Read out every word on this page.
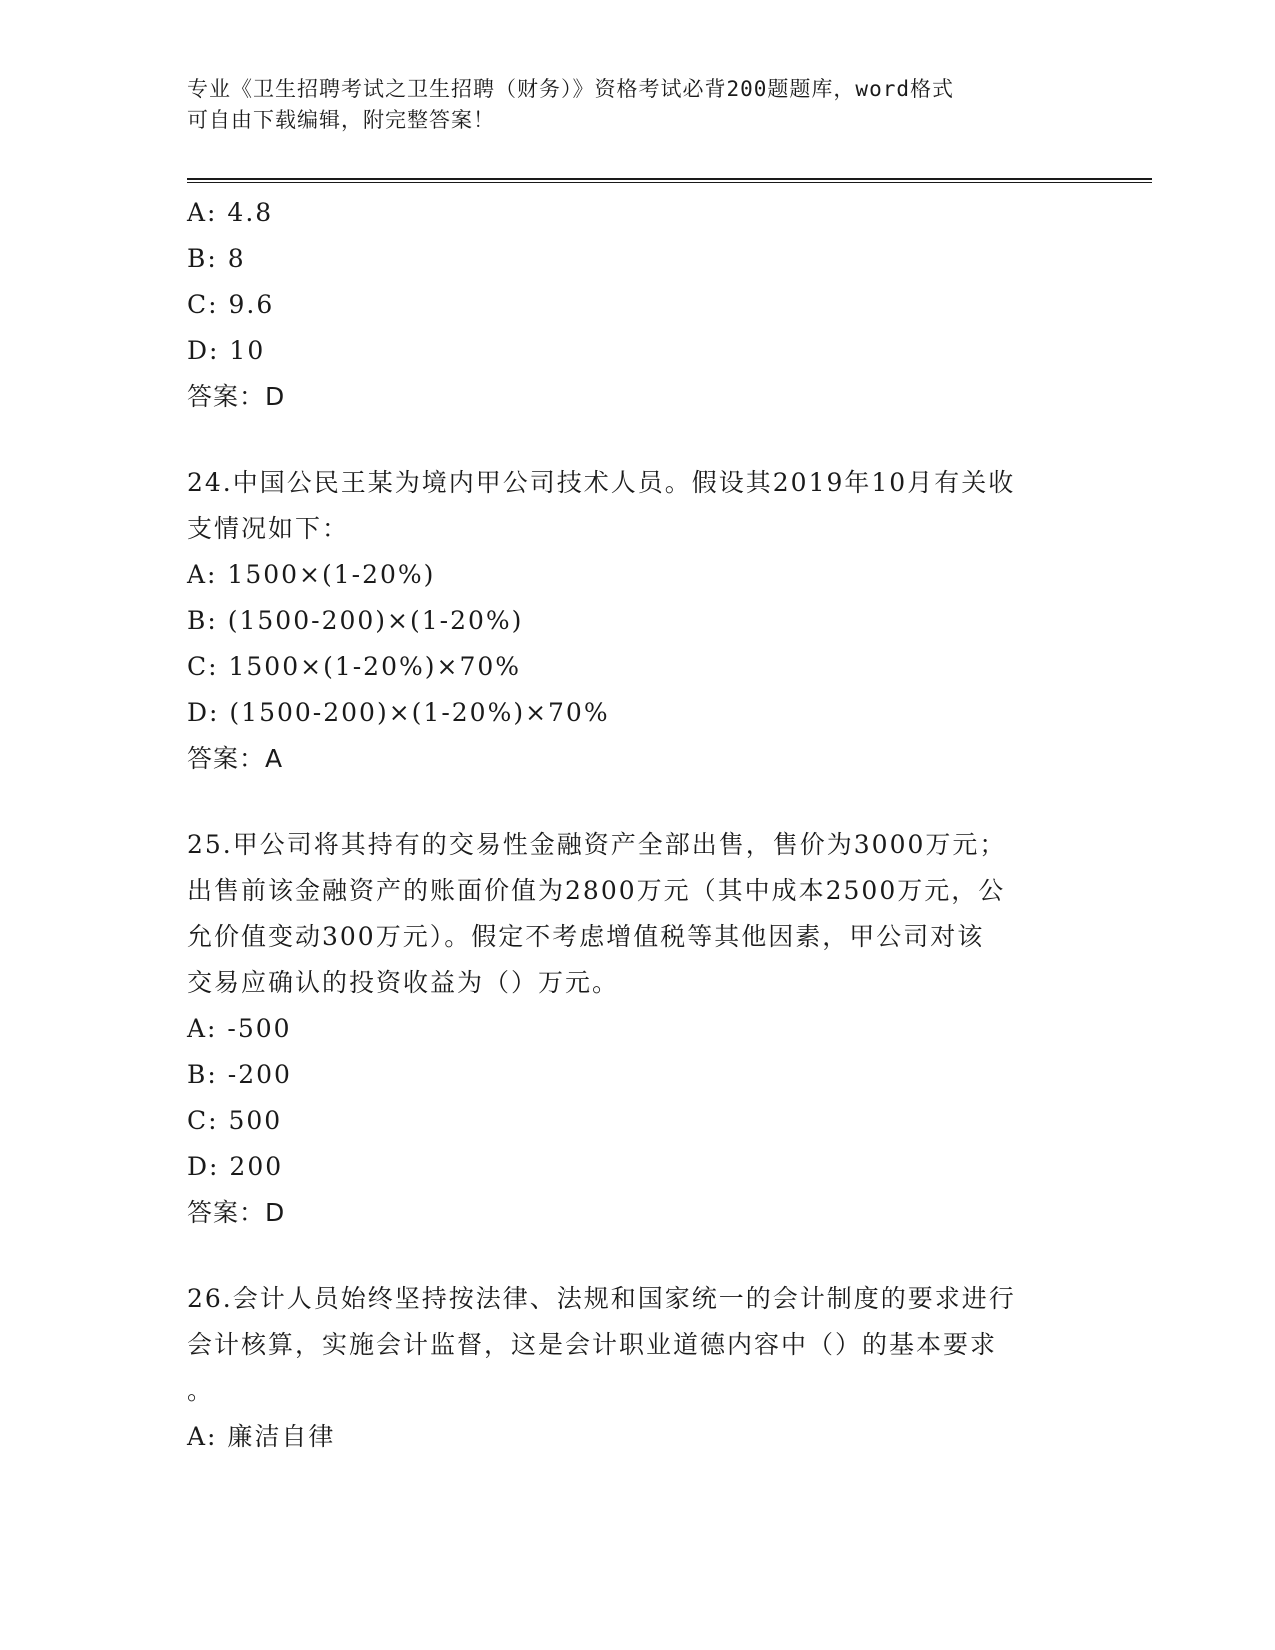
专业《卫生招聘考试之卫生招聘（财务）》资格考试必背200题题库，word格式
可自由下载编辑，附完整答案！
A: 4.8
B: 8
C: 9.6
D: 10
答案：D
24.中国公民王某为境内甲公司技术人员。假设其2019年10月有关收
支情况如下：
A: 1500×(1-20%)
B: (1500-200)×(1-20%)
C: 1500×(1-20%)×70%
D: (1500-200)×(1-20%)×70%
答案：A
25.甲公司将其持有的交易性金融资产全部出售，售价为3000万元；
出售前该金融资产的账面价值为2800万元（其中成本2500万元，公
允价值变动300万元）。假定不考虑增值税等其他因素，甲公司对该
交易应确认的投资收益为（）万元。
A: -500
B: -200
C: 500
D: 200
答案：D
26.会计人员始终坚持按法律、法规和国家统一的会计制度的要求进行
会计核算，实施会计监督，这是会计职业道德内容中（）的基本要求
。
A: 廉洁自律
